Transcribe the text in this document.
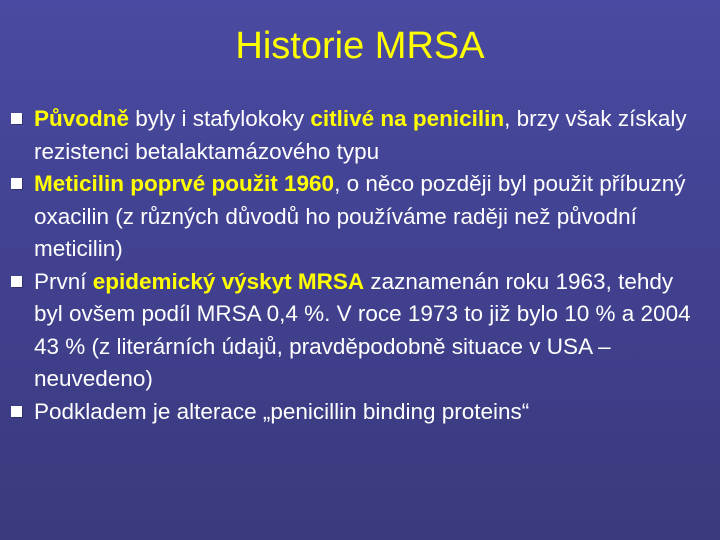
Historie MRSA
Původně byly i stafylokoky citlivé na penicilin, brzy však získaly rezistenci betalaktamázového typu
Meticilin poprvé použit 1960, o něco později byl použit příbuzný oxacilin (z různých důvodů ho používáme raději než původní meticilin)
První epidemický výskyt MRSA zaznamenán roku 1963, tehdy byl ovšem podíl MRSA 0,4 %. V roce 1973 to již bylo 10 % a 2004 43 % (z literárních údajů, pravděpodobně situace v USA – neuvedeno)
Podkladem je alterace „penicillin binding proteins“
